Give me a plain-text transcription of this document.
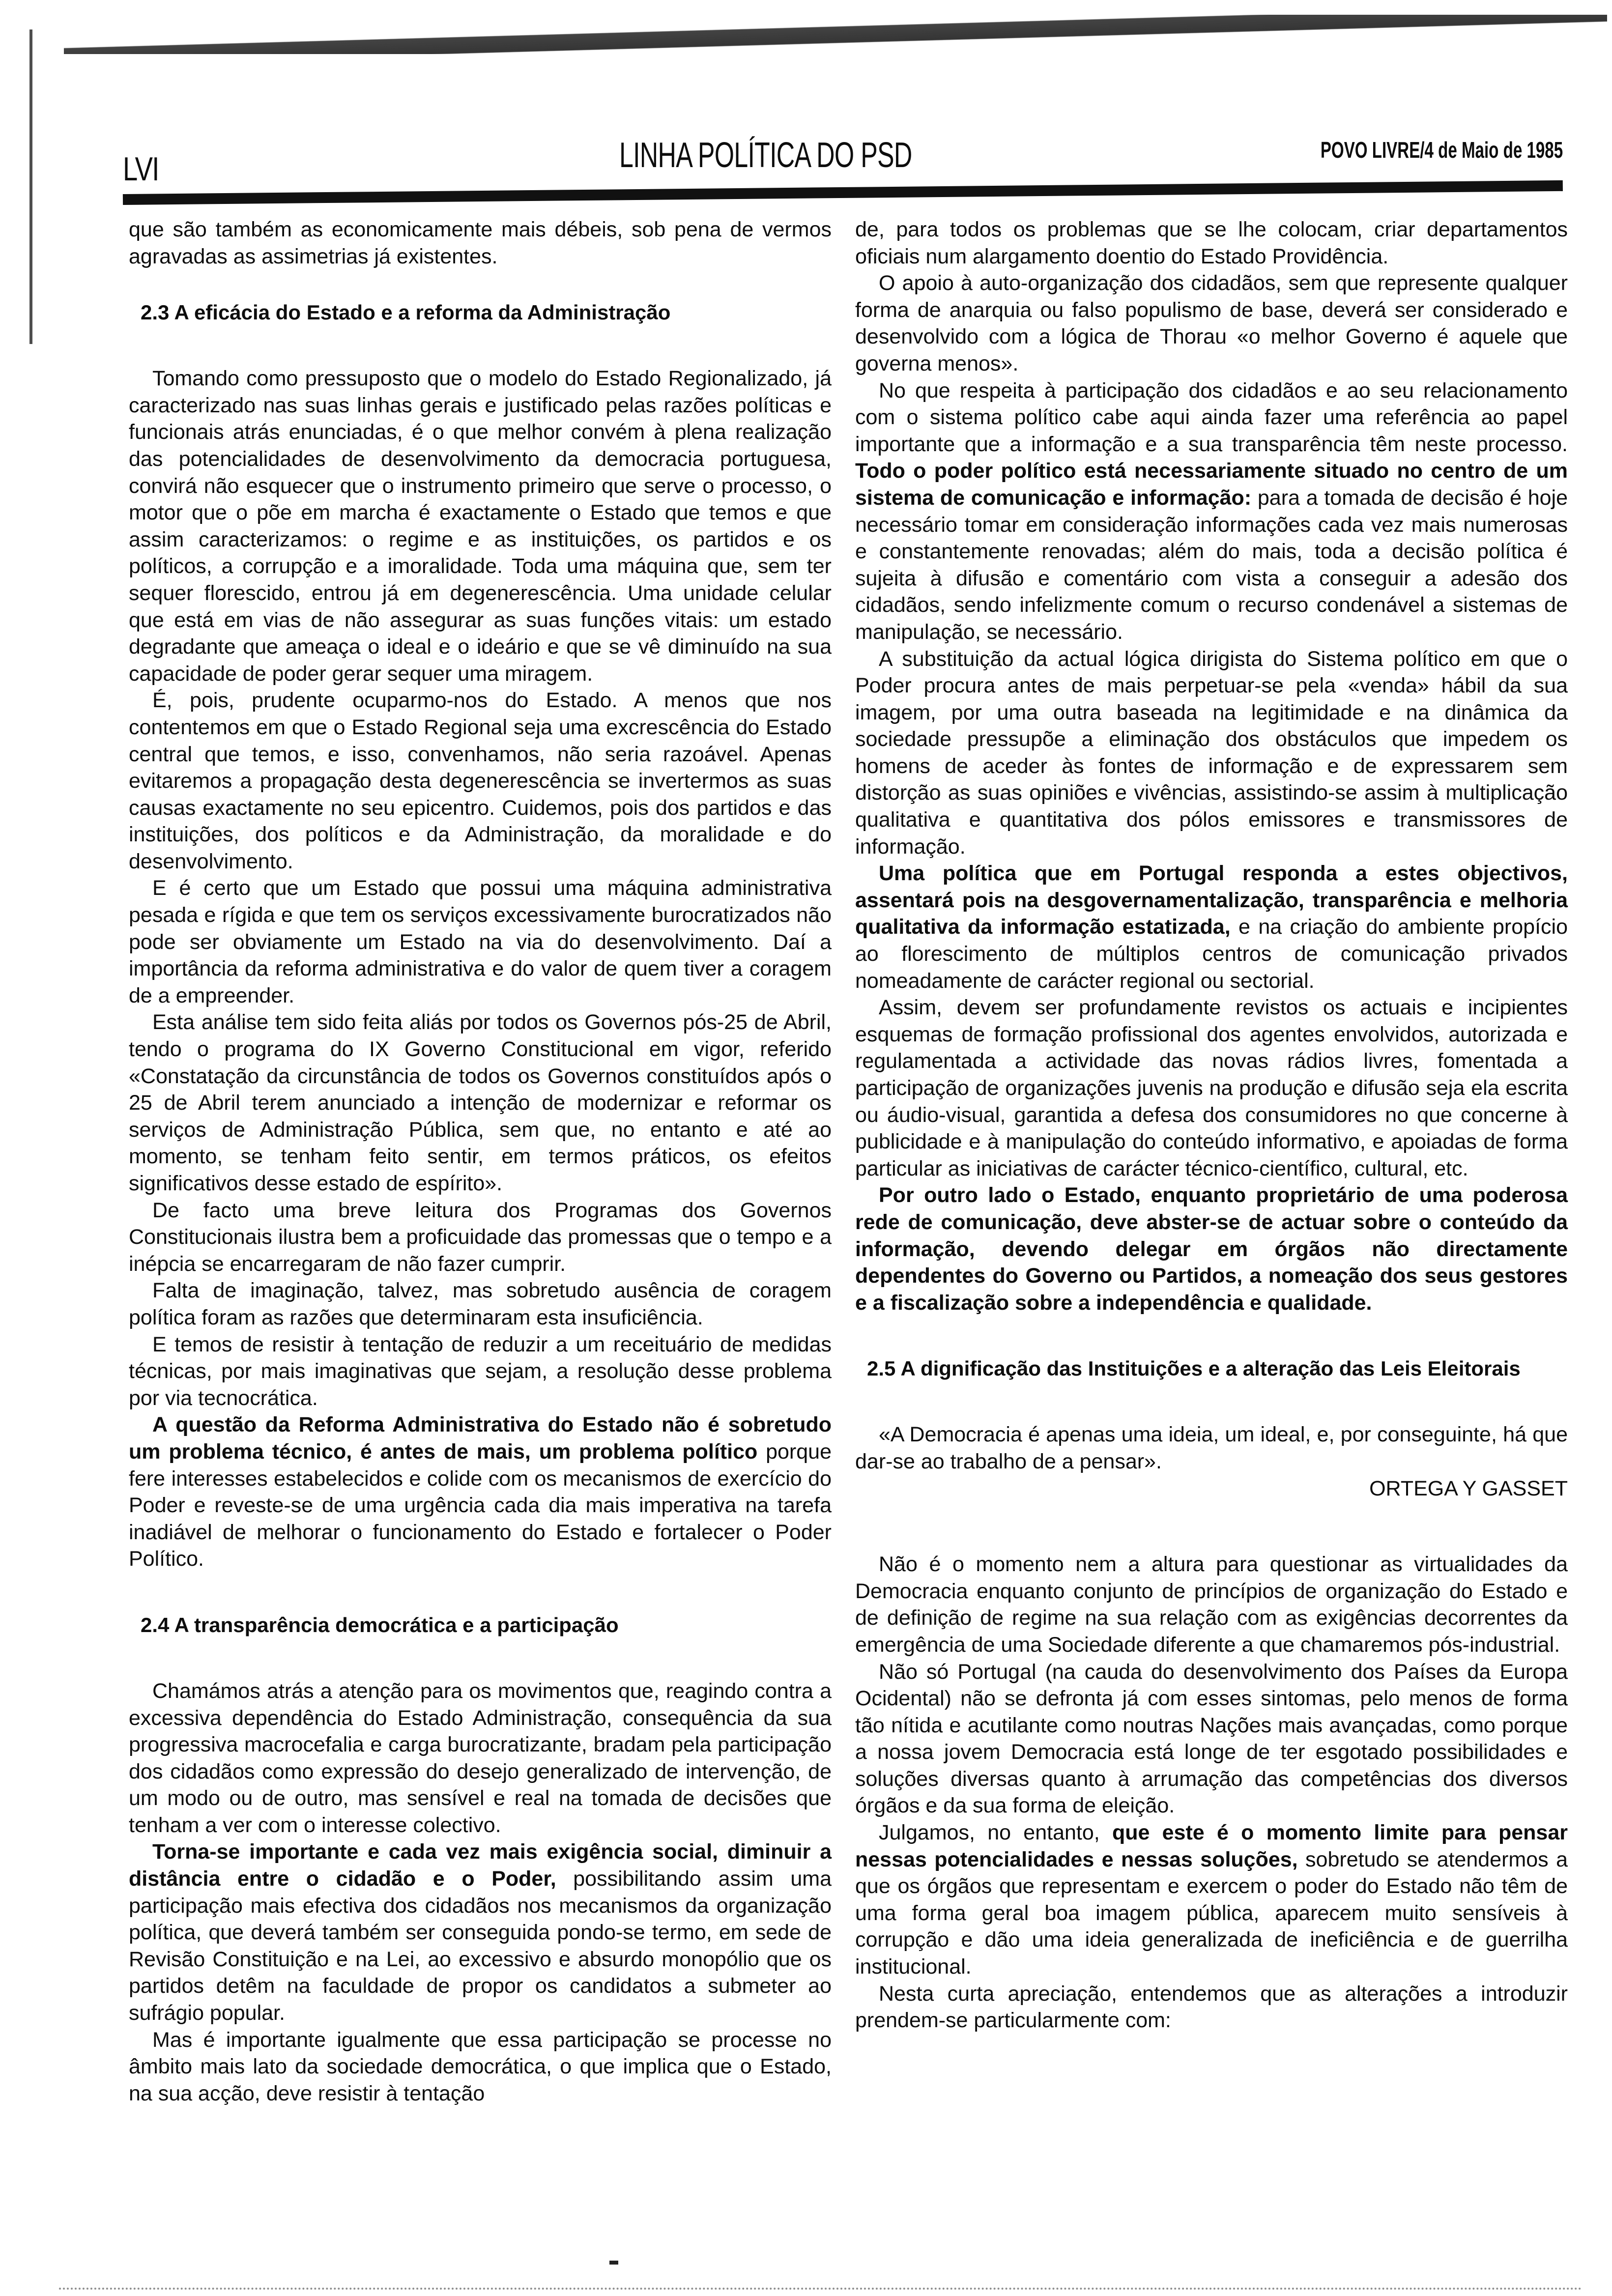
LVI	LINHA POLÍTICA DO PSD	POVO LIVRE/4 de Maio de 1985

que são também as economicamente mais débeis, sob pena de vermos agravadas as assimetrias já existentes.

2.3 A eficácia do Estado e a reforma da Administração

Tomando como pressuposto que o modelo do Estado Regionalizado, já caracterizado nas suas linhas gerais e justificado pelas razões políticas e funcionais atrás enunciadas, é o que melhor convém à plena realização das potencialidades de desenvolvimento da democracia portuguesa, convirá não esquecer que o instrumento primeiro que serve o processo, o motor que o põe em marcha é exactamente o Estado que temos e que assim caracterizamos: o regime e as instituições, os partidos e os políticos, a corrupção e a imoralidade. Toda uma máquina que, sem ter sequer florescido, entrou já em degenerescência. Uma unidade celular que está em vias de não assegurar as suas funções vitais: um estado degradante que ameaça o ideal e o ideário e que se vê diminuído na sua capacidade de poder gerar sequer uma miragem.

É, pois, prudente ocuparmo-nos do Estado. A menos que nos contentemos em que o Estado Regional seja uma excrescência do Estado central que temos, e isso, convenhamos, não seria razoável. Apenas evitaremos a propagação desta degenerescência se invertermos as suas causas exactamente no seu epicentro. Cuidemos, pois dos partidos e das instituições, dos políticos e da Administração, da moralidade e do desenvolvimento.

E é certo que um Estado que possui uma máquina administrativa pesada e rígida e que tem os serviços excessivamente burocratizados não pode ser obviamente um Estado na via do desenvolvimento. Daí a importância da reforma administrativa e do valor de quem tiver a coragem de a empreender.

Esta análise tem sido feita aliás por todos os Governos pós-25 de Abril, tendo o programa do IX Governo Constitucional em vigor, referido «Constatação da circunstância de todos os Governos constituídos após o 25 de Abril terem anunciado a intenção de modernizar e reformar os serviços de Administração Pública, sem que, no entanto e até ao momento, se tenham feito sentir, em termos práticos, os efeitos significativos desse estado de espírito».

De facto uma breve leitura dos Programas dos Governos Constitucionais ilustra bem a proficuidade das promessas que o tempo e a inépcia se encarregaram de não fazer cumprir.

Falta de imaginação, talvez, mas sobretudo ausência de coragem política foram as razões que determinaram esta insuficiência.

E temos de resistir à tentação de reduzir a um receituário de medidas técnicas, por mais imaginativas que sejam, a resolução desse problema por via tecnocrática.

A questão da Reforma Administrativa do Estado não é sobretudo um problema técnico, é antes de mais, um problema político porque fere interesses estabelecidos e colide com os mecanismos de exercício do Poder e reveste-se de uma urgência cada dia mais imperativa na tarefa inadiável de melhorar o funcionamento do Estado e fortalecer o Poder Político.

2.4 A transparência democrática e a participação

Chamámos atrás a atenção para os movimentos que, reagindo contra a excessiva dependência do Estado Administração, consequência da sua progressiva macrocefalia e carga burocratizante, bradam pela participação dos cidadãos como expressão do desejo generalizado de intervenção, de um modo ou de outro, mas sensível e real na tomada de decisões que tenham a ver com o interesse colectivo.

Torna-se importante e cada vez mais exigência social, diminuir a distância entre o cidadão e o Poder, possibilitando assim uma participação mais efectiva dos cidadãos nos mecanismos da organização política, que deverá também ser conseguida pondo-se termo, em sede de Revisão Constituição e na Lei, ao excessivo e absurdo monopólio que os partidos detêm na faculdade de propor os candidatos a submeter ao sufrágio popular.

Mas é importante igualmente que essa participação se processe no âmbito mais lato da sociedade democrática, o que implica que o Estado, na sua acção, deve resistir à tentação

de, para todos os problemas que se lhe colocam, criar departamentos oficiais num alargamento doentio do Estado Providência.

O apoio à auto-organização dos cidadãos, sem que represente qualquer forma de anarquia ou falso populismo de base, deverá ser considerado e desenvolvido com a lógica de Thorau «o melhor Governo é aquele que governa menos».

No que respeita à participação dos cidadãos e ao seu relacionamento com o sistema político cabe aqui ainda fazer uma referência ao papel importante que a informação e a sua transparência têm neste processo. Todo o poder político está necessariamente situado no centro de um sistema de comunicação e informação: para a tomada de decisão é hoje necessário tomar em consideração informações cada vez mais numerosas e constantemente renovadas; além do mais, toda a decisão política é sujeita à difusão e comentário com vista a conseguir a adesão dos cidadãos, sendo infelizmente comum o recurso condenável a sistemas de manipulação, se necessário.

A substituição da actual lógica dirigista do Sistema político em que o Poder procura antes de mais perpetuar-se pela «venda» hábil da sua imagem, por uma outra baseada na legitimidade e na dinâmica da sociedade pressupõe a eliminação dos obstáculos que impedem os homens de aceder às fontes de informação e de expressarem sem distorção as suas opiniões e vivências, assistindo-se assim à multiplicação qualitativa e quantitativa dos pólos emissores e transmissores de informação.

Uma política que em Portugal responda a estes objectivos, assentará pois na desgovernamentalização, transparência e melhoria qualitativa da informação estatizada, e na criação do ambiente propício ao florescimento de múltiplos centros de comunicação privados nomeadamente de carácter regional ou sectorial.

Assim, devem ser profundamente revistos os actuais e incipientes esquemas de formação profissional dos agentes envolvidos, autorizada e regulamentada a actividade das novas rádios livres, fomentada a participação de organizações juvenis na produção e difusão seja ela escrita ou áudio-visual, garantida a defesa dos consumidores no que concerne à publicidade e à manipulação do conteúdo informativo, e apoiadas de forma particular as iniciativas de carácter técnico-científico, cultural, etc.

Por outro lado o Estado, enquanto proprietário de uma poderosa rede de comunicação, deve abster-se de actuar sobre o conteúdo da informação, devendo delegar em órgãos não directamente dependentes do Governo ou Partidos, a nomeação dos seus gestores e a fiscalização sobre a independência e qualidade.

2.5 A dignificação das Instituições e a alteração das Leis Eleitorais

«A Democracia é apenas uma ideia, um ideal, e, por conseguinte, há que dar-se ao trabalho de a pensar».

ORTEGA Y GASSET

Não é o momento nem a altura para questionar as virtualidades da Democracia enquanto conjunto de princípios de organização do Estado e de definição de regime na sua relação com as exigências decorrentes da emergência de uma Sociedade diferente a que chamaremos pós-industrial.

Não só Portugal (na cauda do desenvolvimento dos Países da Europa Ocidental) não se defronta já com esses sintomas, pelo menos de forma tão nítida e acutilante como noutras Nações mais avançadas, como porque a nossa jovem Democracia está longe de ter esgotado possibilidades e soluções diversas quanto à arrumação das competências dos diversos órgãos e da sua forma de eleição.

Julgamos, no entanto, que este é o momento limite para pensar nessas potencialidades e nessas soluções, sobretudo se atendermos a que os órgãos que representam e exercem o poder do Estado não têm de uma forma geral boa imagem pública, aparecem muito sensíveis à corrupção e dão uma ideia generalizada de ineficiência e de guerrilha institucional.

Nesta curta apreciação, entendemos que as alterações a introduzir prendem-se particularmente com:
